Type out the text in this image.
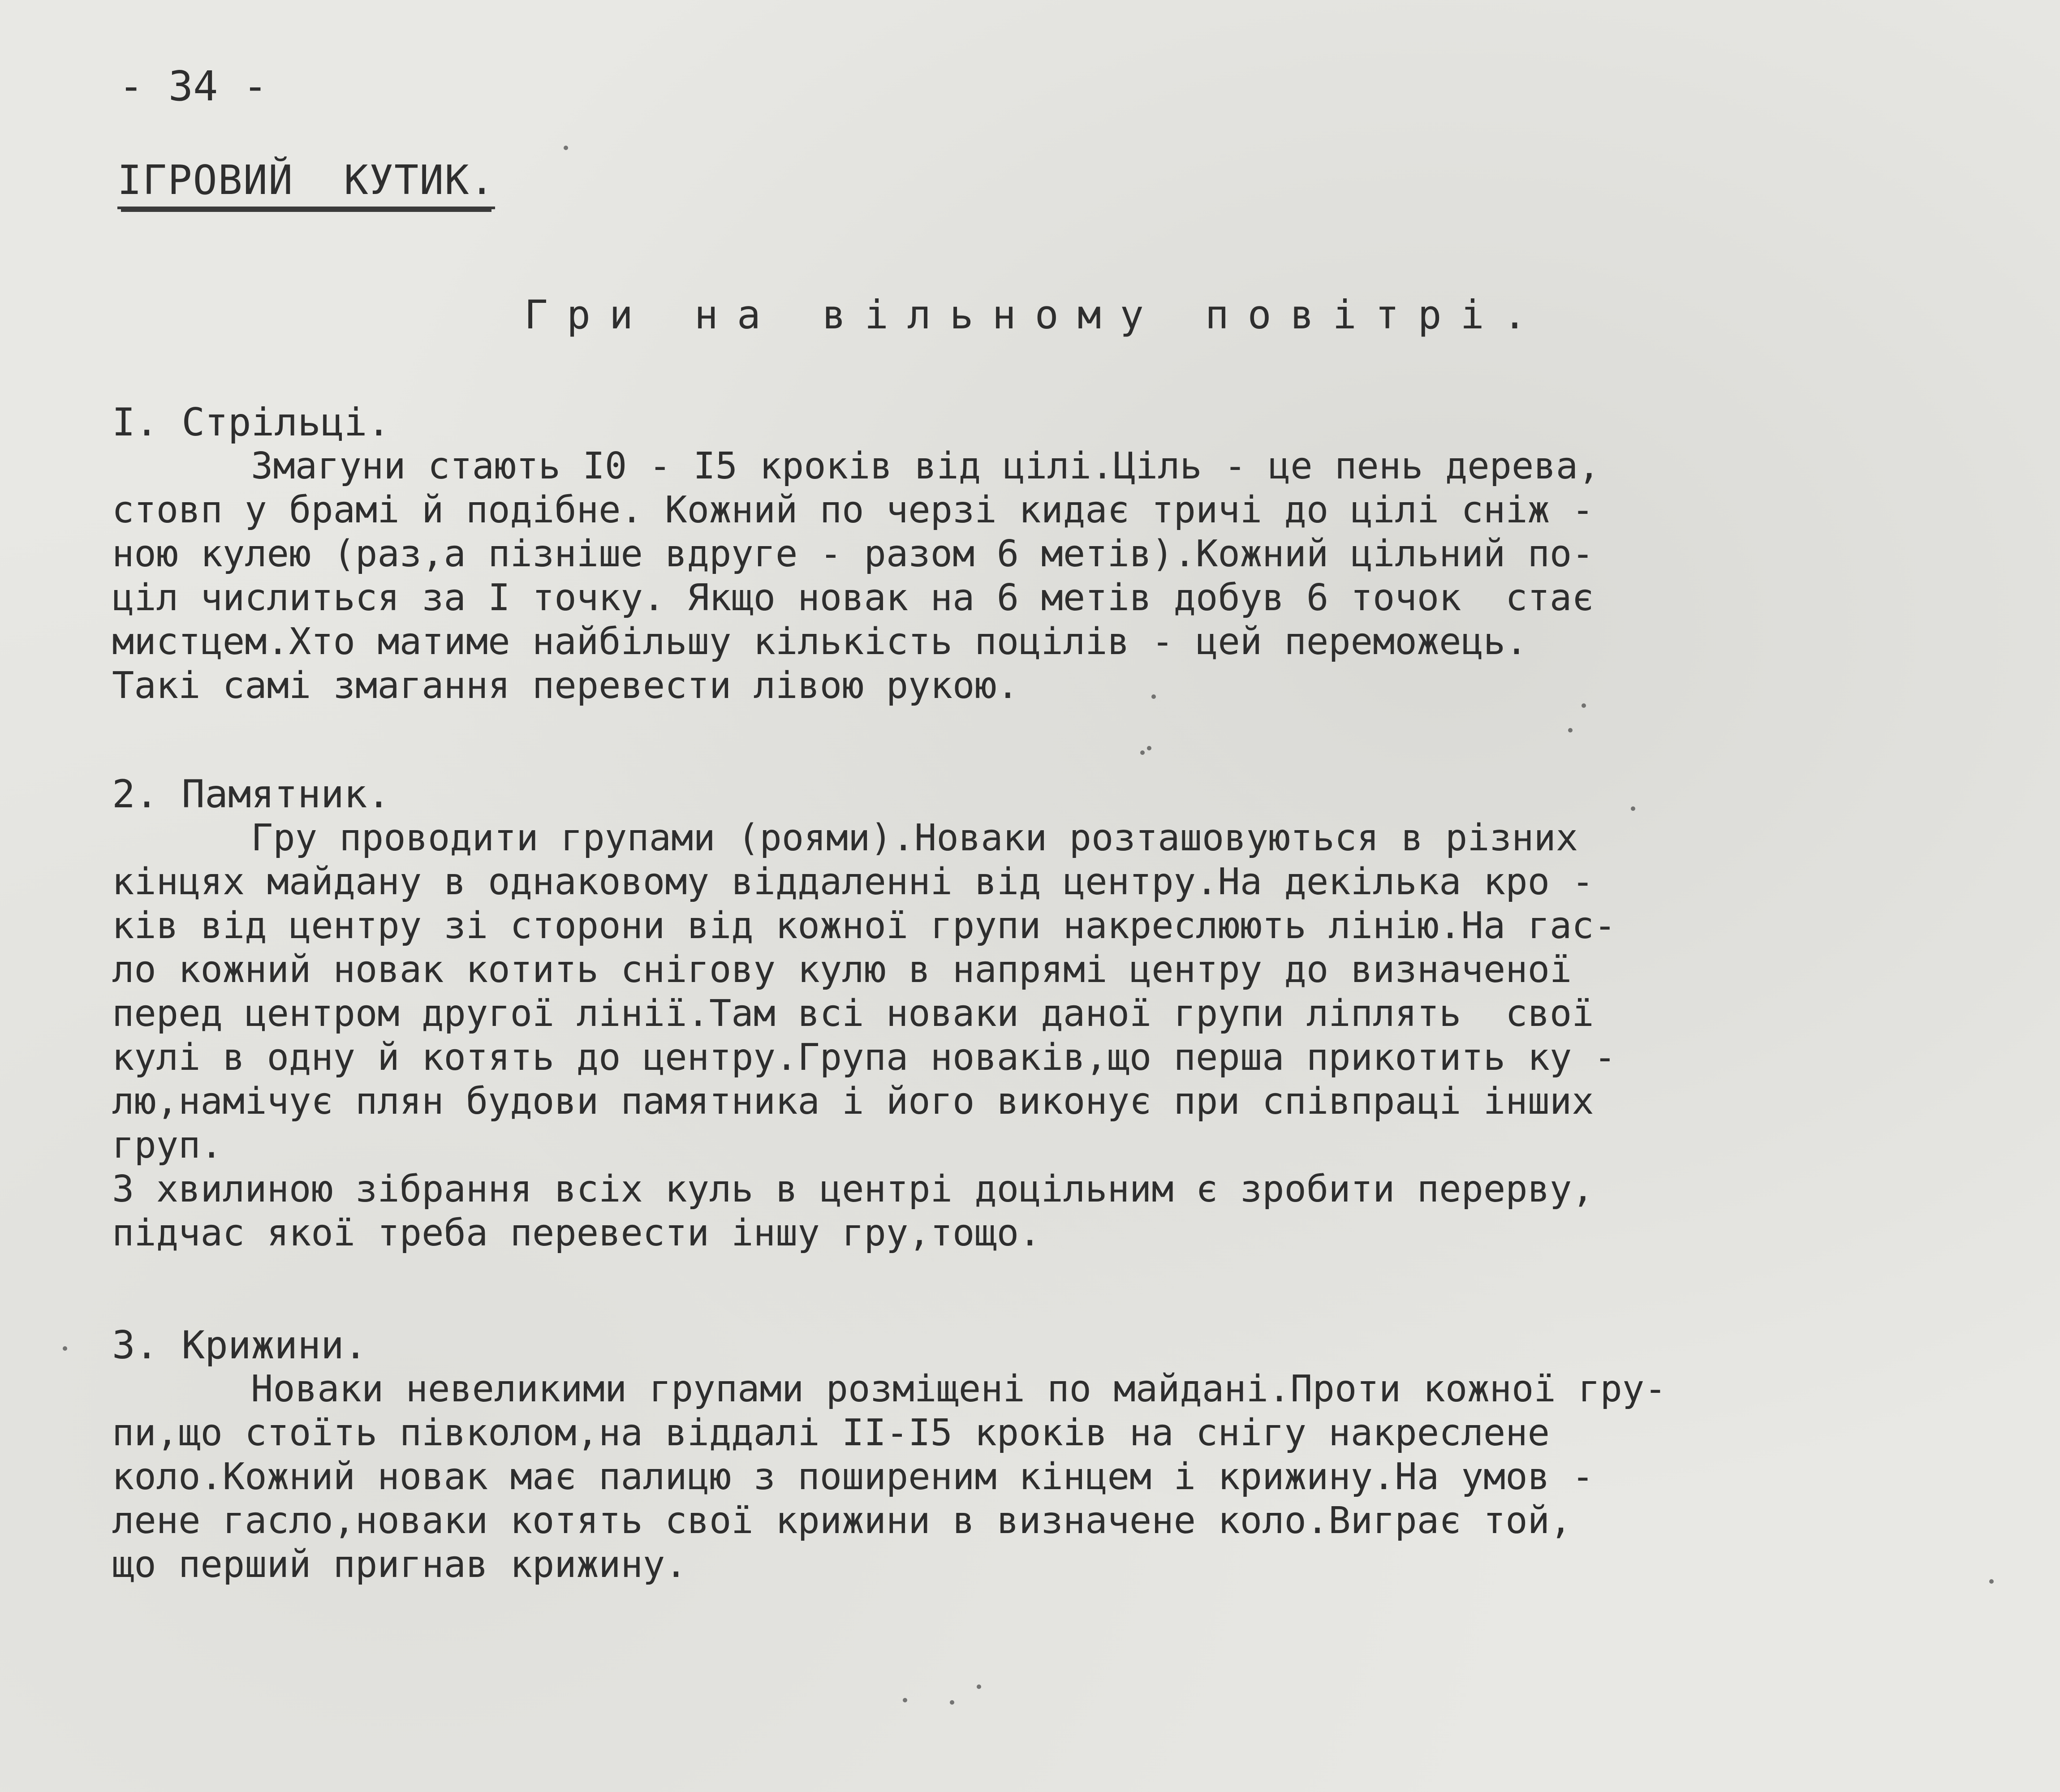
- 34 -
ІГРОВИЙ  КУТИК.
Гри на вільному повітрі.
І. Стрільці.
Змагуни стають І0 - І5 кроків від цілі.Ціль - це пень дерева,
стовп у брамі й подібне. Кожний по черзі кидає тричі до цілі сніж -
ною кулею (раз,а пізніше вдруге - разом 6 метів).Кожний цільний по-
ціл числиться за І точку. Якщо новак на 6 метів добув 6 точок  стає
мистцем.Хто матиме найбільшу кількість поцілів - цей переможець.
Такі самі змагання перевести лівою рукою.
2. Памятник.
Гру проводити групами (роями).Новаки розташовуються в різних
кінцях майдану в однаковому віддаленні від центру.На декілька кро -
ків від центру зі сторони від кожної групи накреслюють лінію.На гас-
ло кожний новак котить снігову кулю в напрямі центру до визначеної
перед центром другої лінії.Там всі новаки даної групи ліплять  свої
кулі в одну й котять до центру.Група новаків,що перша прикотить ку -
лю,намічує плян будови памятника і його виконує при співпраці інших
груп.
З хвилиною зібрання всіх куль в центрі доцільним є зробити перерву,
підчас якої треба перевести іншу гру,тощо.
3. Крижини.
Новаки невеликими групами розміщені по майдані.Проти кожної гру-
пи,що стоїть півколом,на віддалі ІІ-І5 кроків на снігу накреслене
коло.Кожний новак має палицю з поширеним кінцем і крижину.На умов -
лене гасло,новаки котять свої крижини в визначене коло.Виграє той,
що перший пригнав крижину.
